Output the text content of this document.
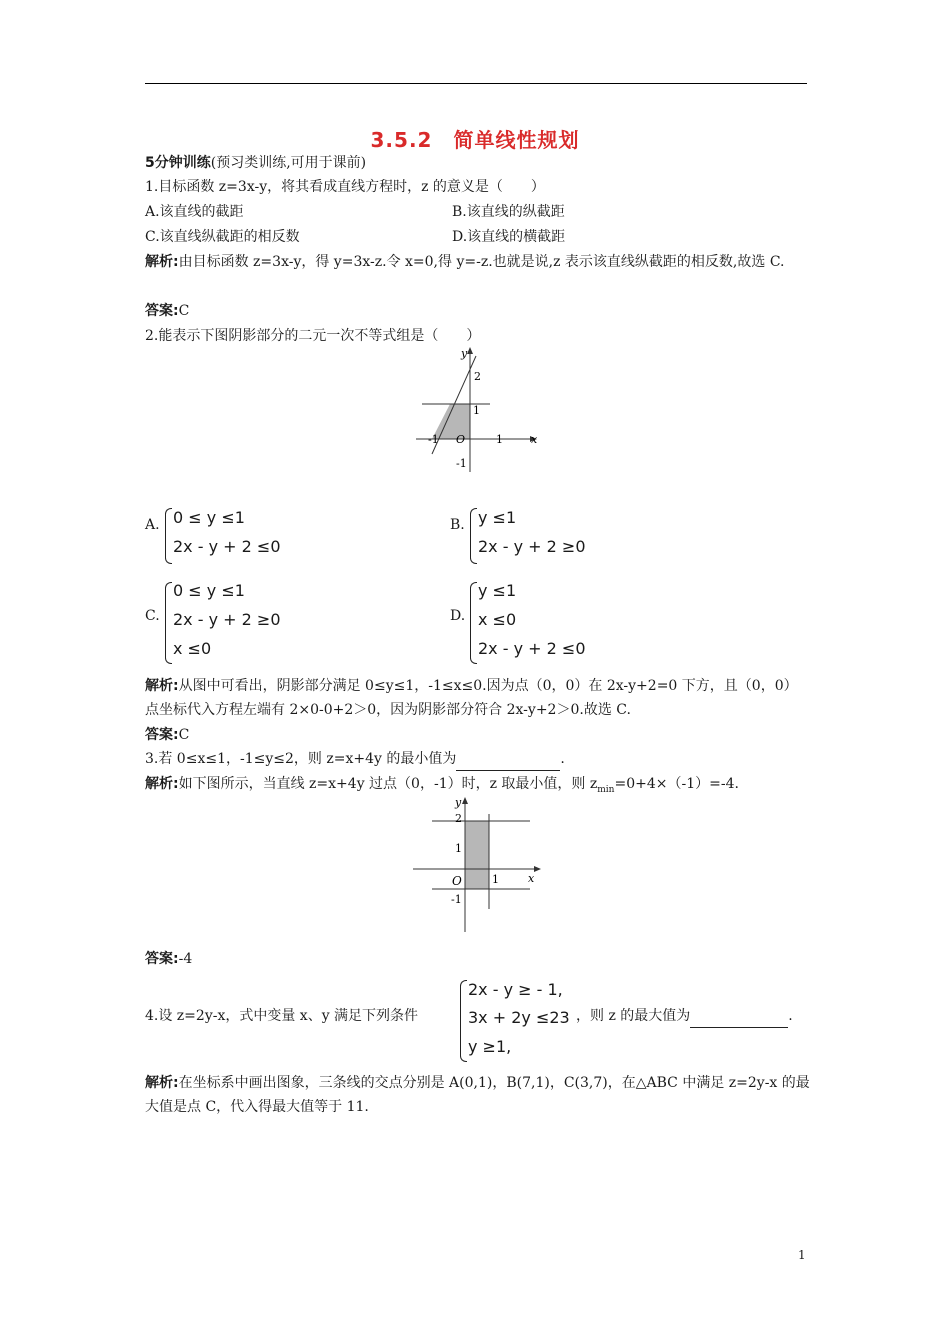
3.5.2　简单线性规划
5分钟训练(预习类训练,可用于课前)
1.目标函数 z=3x-y，将其看成直线方程时，z 的意义是（　　）
A.该直线的截距	B.该直线的纵截距
C.该直线纵截距的相反数	D.该直线的横截距
解析:由目标函数 z=3x-y，得 y=3x-z.令 x=0,得 y=-z.也就是说,z 表示该直线纵截距的相反数,故选 C.
答案:C
2.能表示下图阴影部分的二元一次不等式组是（　　）
y
x
2
1
-1 O	1
-1
A. 0 ≤ y ≤1
2x - y + 2 ≤0
B. y ≤1
2x - y + 2 ≥0
C.
0 ≤ y ≤1
2x - y + 2 ≥0
x ≤0
D.
y ≤1
x ≤0
2x - y + 2 ≤0
解析:从图中可看出，阴影部分满足 0≤y≤1，-1≤x≤0.因为点（0，0）在 2x-y+2=0 下方，且（0，0）点坐标代入方程左端有 2×0-0+2＞0，因为阴影部分符合 2x-y+2＞0.故选 C.
答案:C
3.若 0≤x≤1，-1≤y≤2，则 z=x+4y 的最小值为	.
解析:如下图所示，当直线 z=x+4y 过点（0，-1）时，z 取最小值，则 $z_{min}=0+4\times(-1)=-4$.
y
x
2
1
O	1
-1
答案:-4
4.设 z=2y-x，式中变量 x、y 满足下列条件
2x - y ≥ - 1,
3x + 2y ≤23
y ≥1,
，则 z 的最大值为	.
解析:在坐标系中画出图象，三条线的交点分别是 A(0,1)，B(7,1)，C(3,7)，在△ABC 中满足 z=2y-x 的最大值是点 C，代入得最大值等于 11.
1
